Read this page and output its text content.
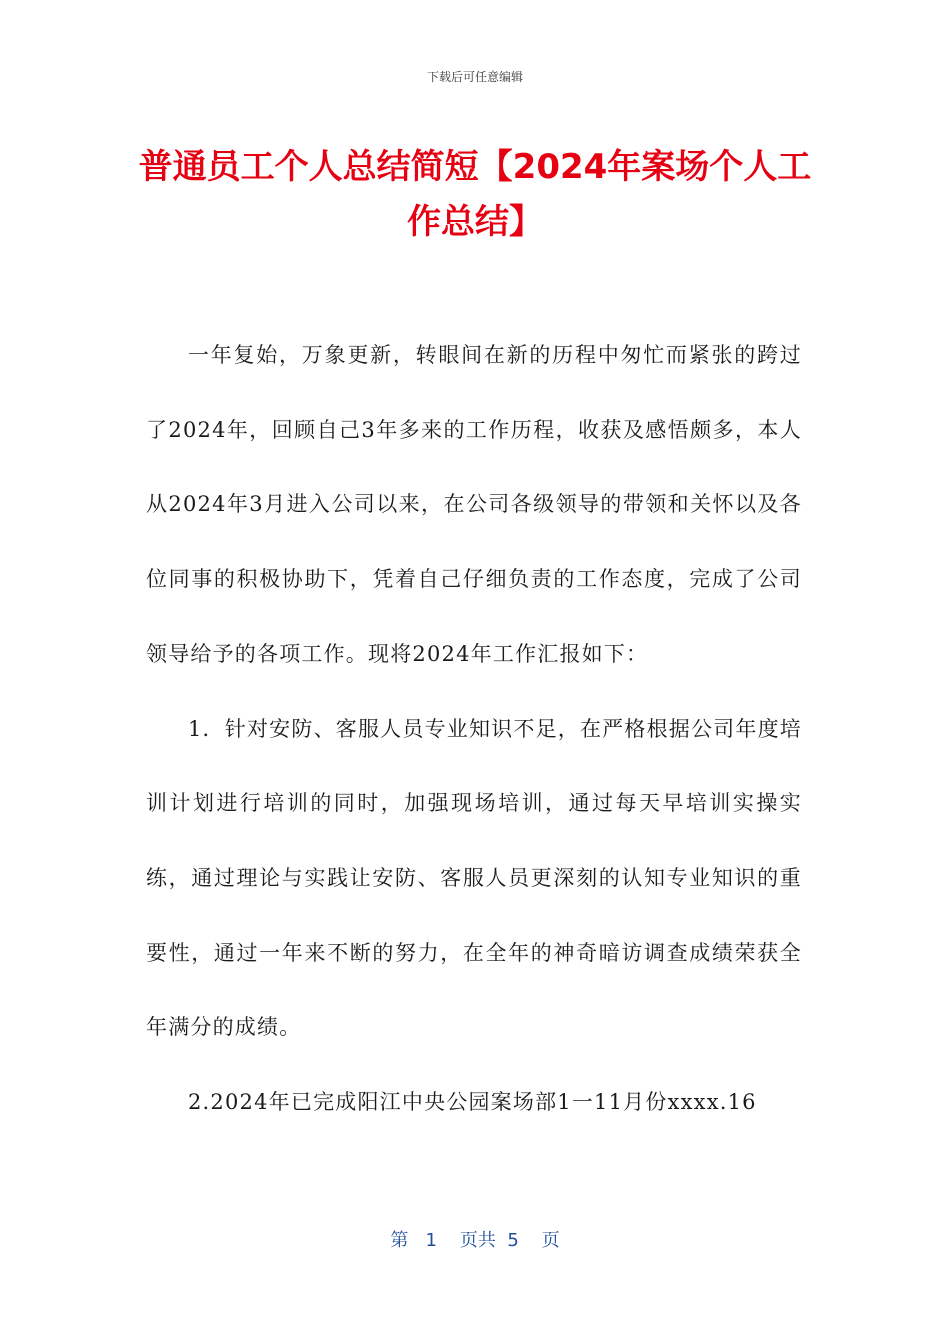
下载后可任意编辑
普通员工个人总结简短【2024年案场个人工作总结】

一年复始，万象更新，转眼间在新的历程中匆忙而紧张的跨过了2024年，回顾自己3年多来的工作历程，收获及感悟颇多，本人从2024年3月进入公司以来，在公司各级领导的带领和关怀以及各位同事的积极协助下，凭着自己仔细负责的工作态度，完成了公司领导给予的各项工作。现将2024年工作汇报如下：

1．针对安防、客服人员专业知识不足，在严格根据公司年度培训计划进行培训的同时，加强现场培训，通过每天早培训实操实练，通过理论与实践让安防、客服人员更深刻的认知专业知识的重要性，通过一年来不断的努力，在全年的神奇暗访调查成绩荣获全年满分的成绩。

2.2024年已完成阳江中央公园案场部1一11月份xxxx.16

第 1 页共 5 页
